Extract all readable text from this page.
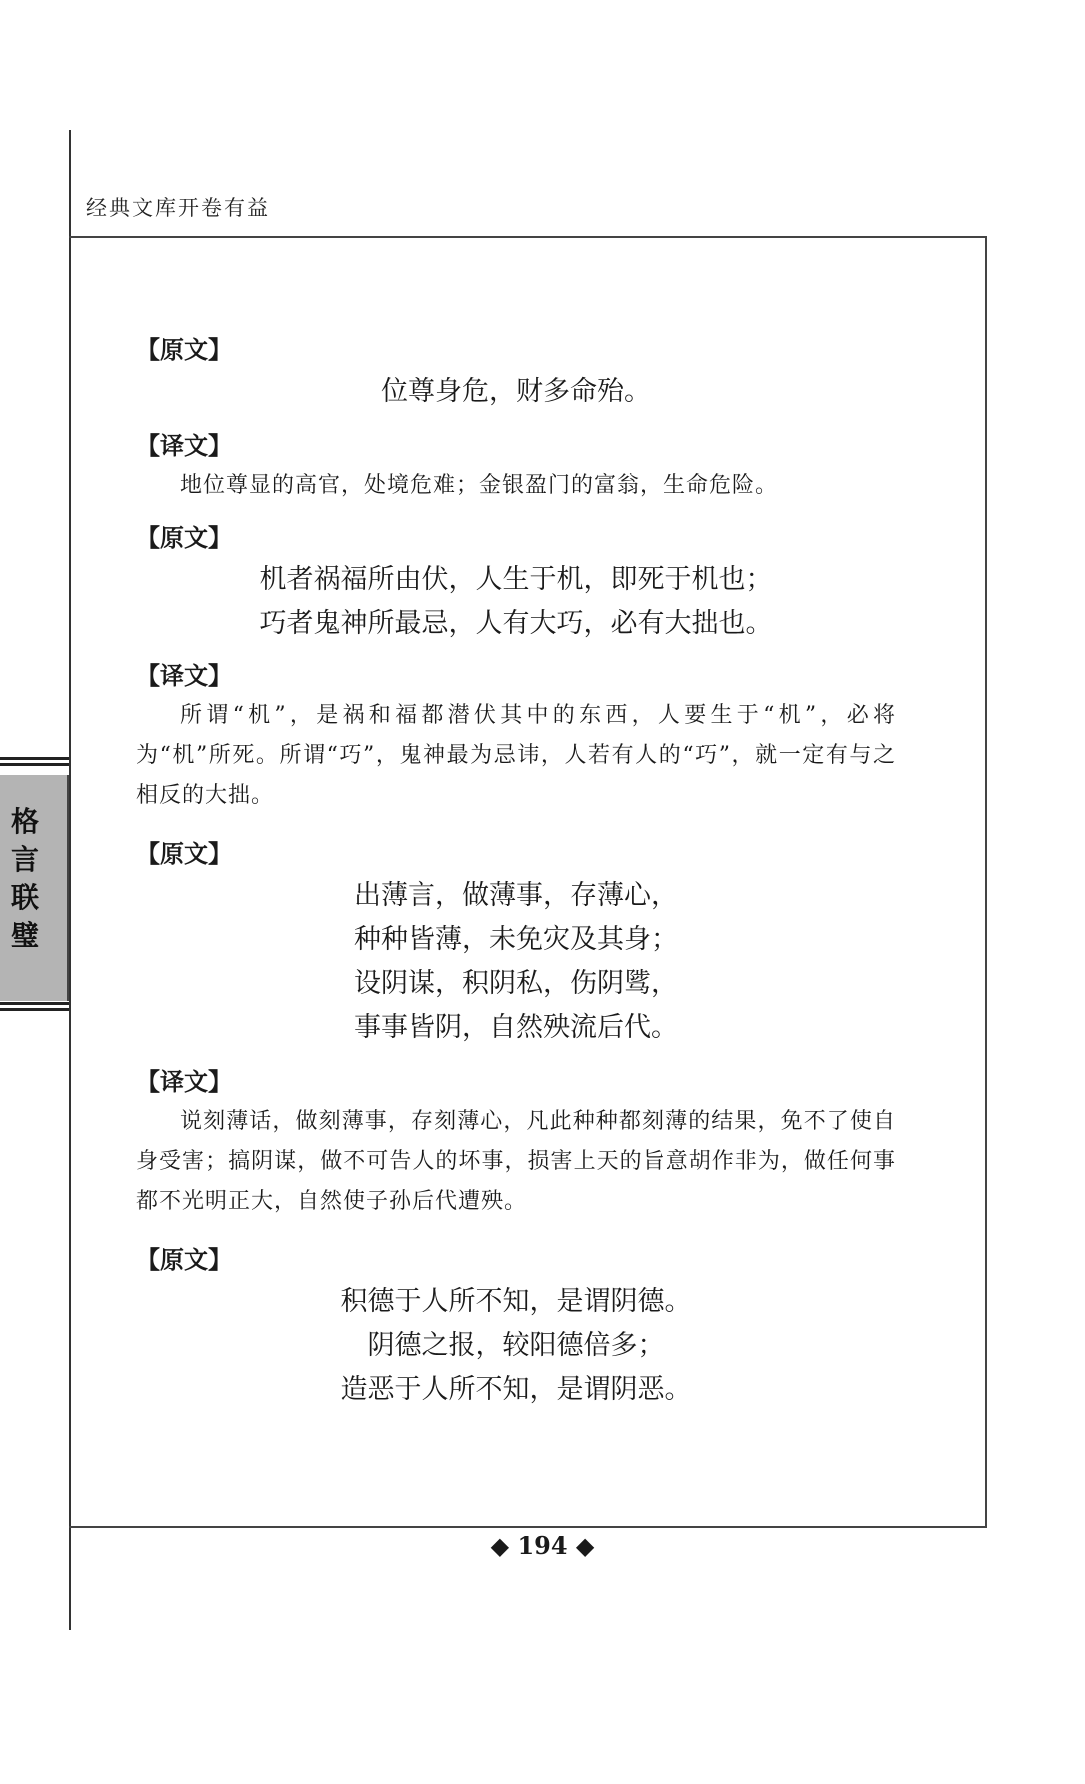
经典文库开卷有益
格言联璧

【原文】

位尊身危，财多命殆。

【译文】

地位尊显的高官，处境危难；金银盈门的富翁，生命危险。

【原文】

机者祸福所由伏，人生于机，即死于机也；

巧者鬼神所最忌，人有大巧，必有大拙也。

【译文】

所谓“机”，是祸和福都潜伏其中的东西，人要生于“机”，必将为“机”所死。所谓“巧”，鬼神最为忌讳，人若有人的“巧”，就一定有与之相反的大拙。

【原文】

出薄言，做薄事，存薄心，

种种皆薄，未免灾及其身；

设阴谋，积阴私，伤阴骘，

事事皆阴，自然殃流后代。

【译文】

说刻薄话，做刻薄事，存刻薄心，凡此种种都刻薄的结果，免不了使自身受害；搞阴谋，做不可告人的坏事，损害上天的旨意胡作非为，做任何事都不光明正大，自然使子孙后代遭殃。

【原文】

积德于人所不知，是谓阴德。

阴德之报，较阳德倍多；

造恶于人所不知，是谓阴恶。

◆ 194 ◆
